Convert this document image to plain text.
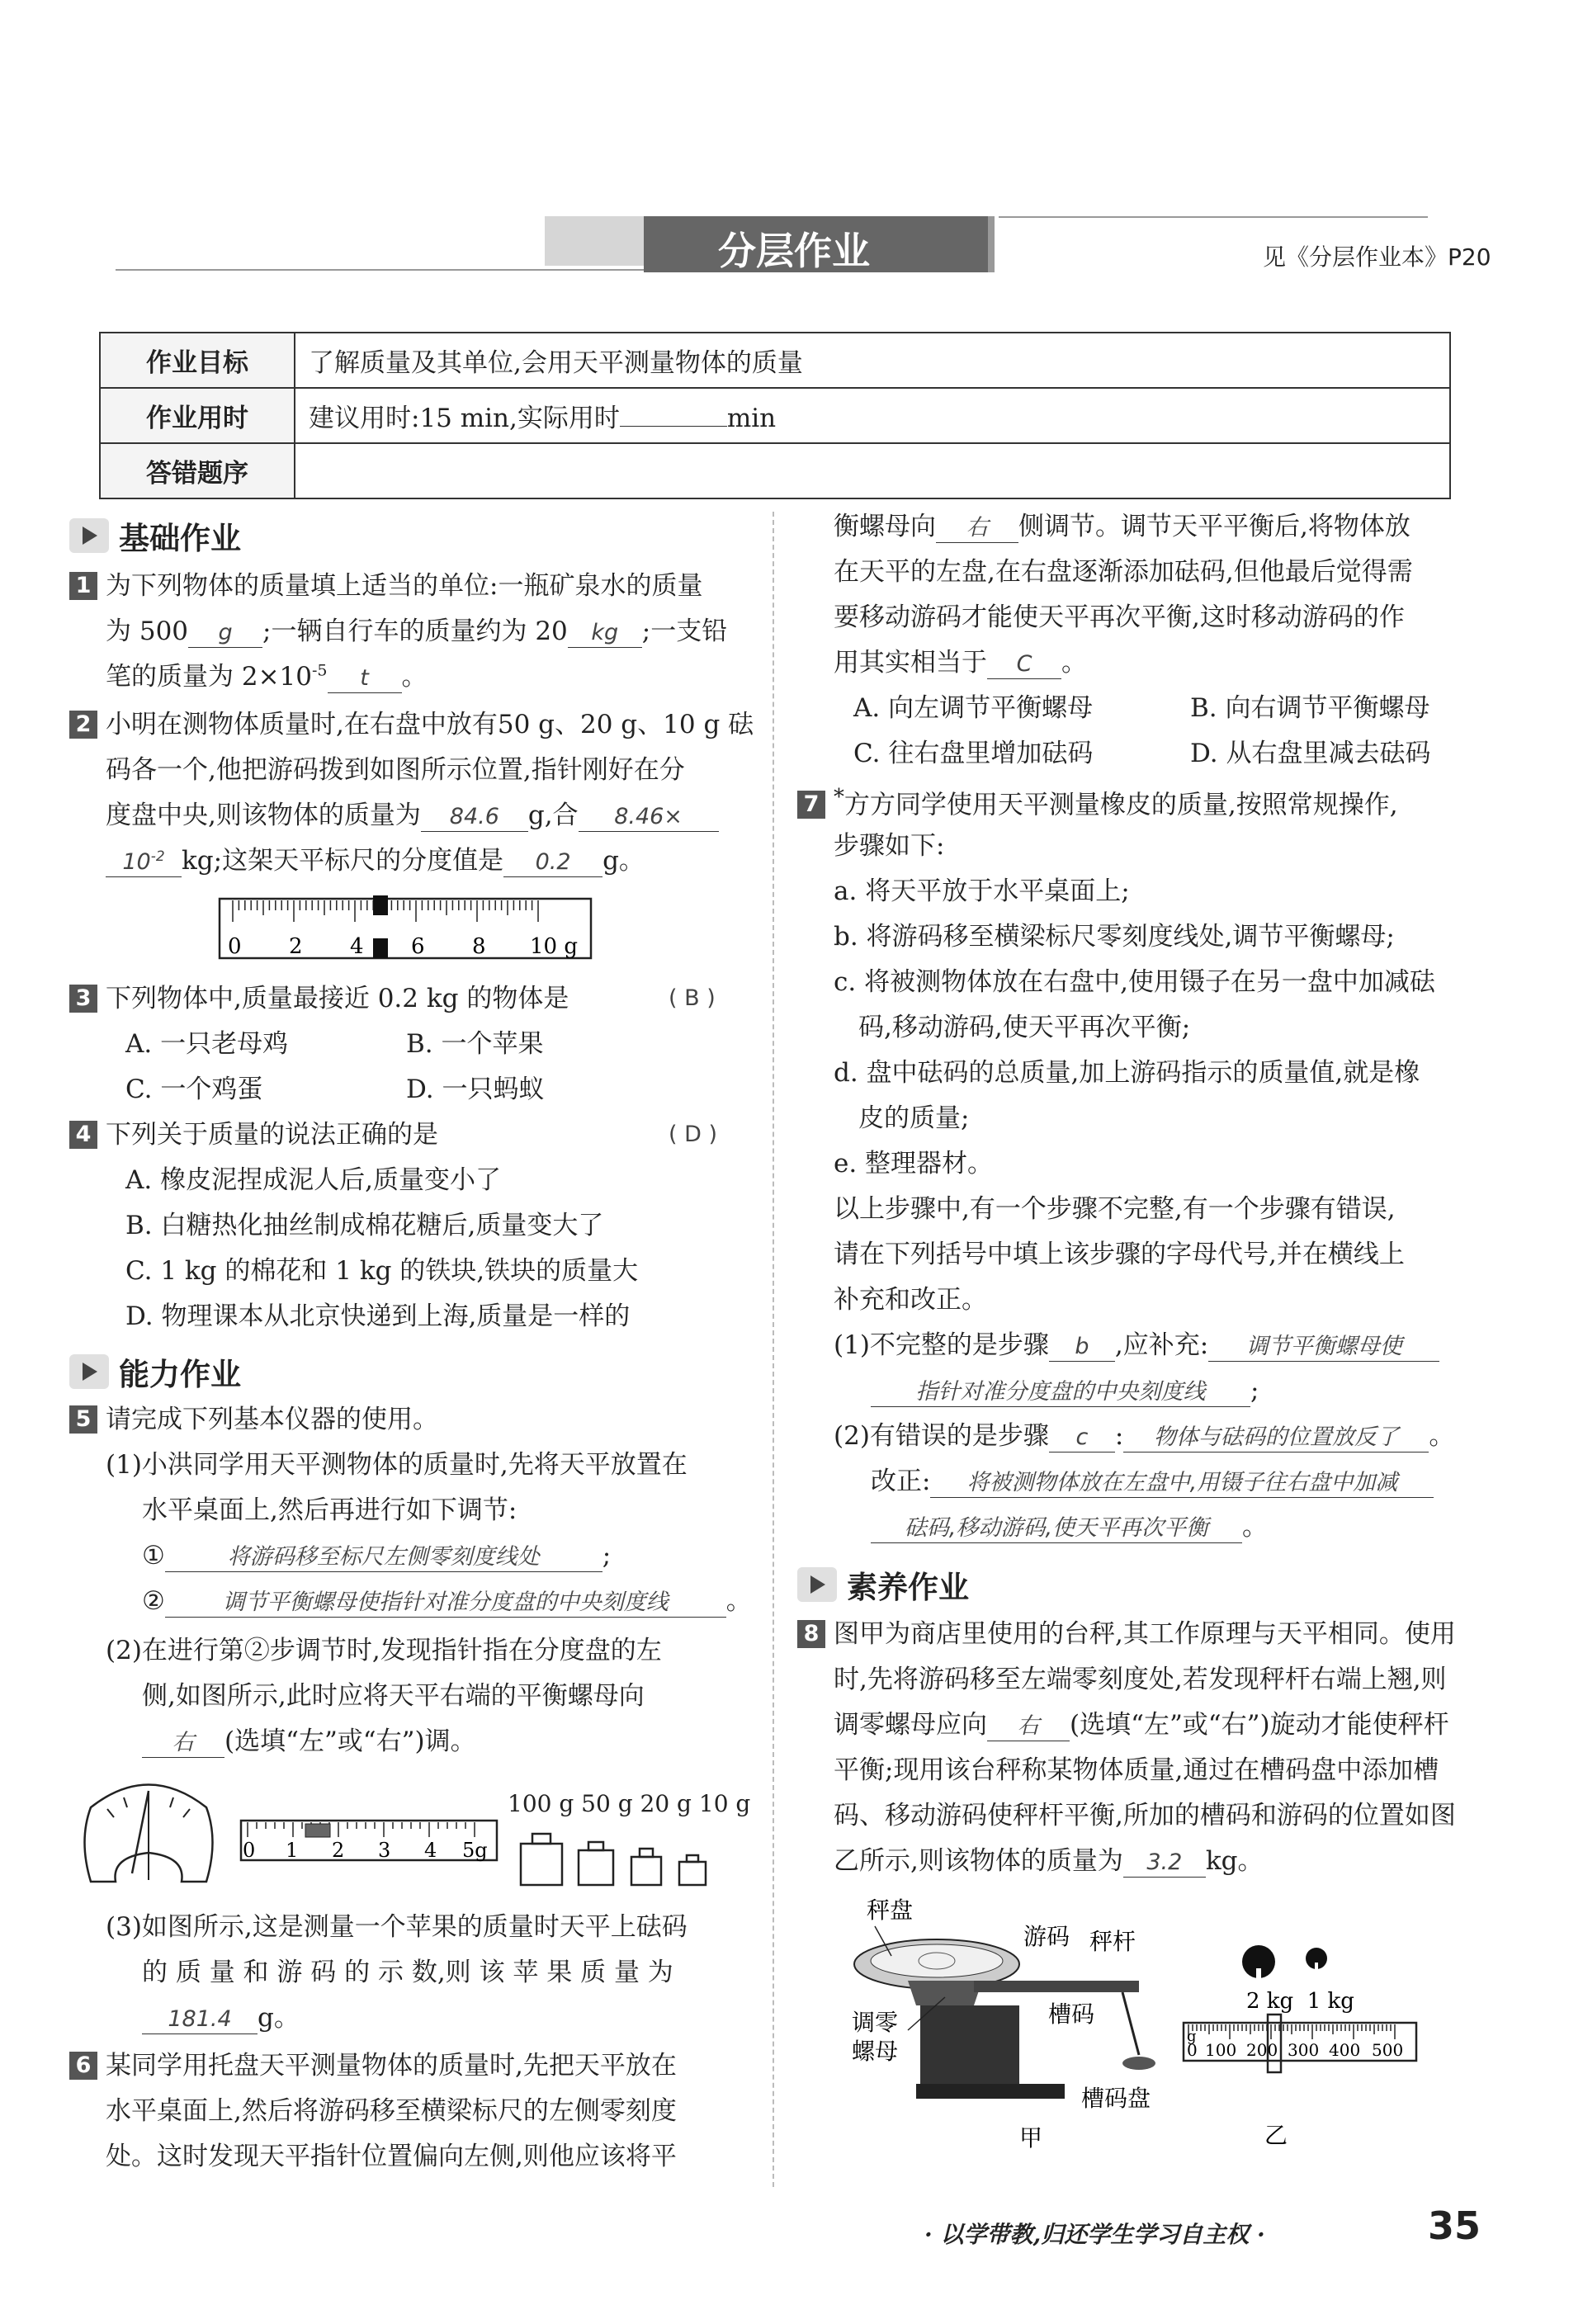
分层作业	见《分层作业本》P20
作业目标	了解质量及其单位,会用天平测量物体的质量
作业用时	建议用时:15 min,实际用时 min
答错题序	
基础作业
1 为下列物体的质量填上适当的单位:一瓶矿泉水的质量
为 500 g ;一辆自行车的质量约为 20 kg ;一支铅
笔的质量为 $2\times 10^{-5}$ t 。
2 小明在测物体质量时,在右盘中放有50 g、20 g、10 g 砝
码各一个,他把游码拨到如图所示位置,指针刚好在分
度盘中央,则该物体的质量为 84.6 g,合 8.46×
$10^{-2}$ kg;这架天平标尺的分度值是 0.2 g。
0 2 4 6 8 10 g
3 下列物体中,质量最接近 0.2 kg 的物体是	( B )
A. 一只老母鸡	B. 一个苹果
C. 一个鸡蛋	D. 一只蚂蚁
4 下列关于质量的说法正确的是	( D )
A. 橡皮泥捏成泥人后,质量变小了
B. 白糖热化抽丝制成棉花糖后,质量变大了
C. 1 kg 的棉花和 1 kg 的铁块,铁块的质量大
D. 物理课本从北京快递到上海,质量是一样的
能力作业
5 请完成下列基本仪器的使用。
(1)小洪同学用天平测物体的质量时,先将天平放置在
水平桌面上,然后再进行如下调节:
①	将游码移至标尺左侧零刻度线处 ;
②	调节平衡螺母使指针对准分度盘的中央刻度线 。
(2)在进行第②步调节时,发现指针指在分度盘的左
侧,如图所示,此时应将天平右端的平衡螺母向
右 (选填“左”或“右”)调。
0 1 2 3 4 5g
100 g 50 g 20 g 10 g
(3)如图所示,这是测量一个苹果的质量时天平上砝码
的 质 量 和 游 码 的 示 数,则 该 苹 果 质 量 为
181.4 g。
6 某同学用托盘天平测量物体的质量时,先把天平放在
水平桌面上,然后将游码移至横梁标尺的左侧零刻度
处。这时发现天平指针位置偏向左侧,则他应该将平
衡螺母向 右 侧调节。调节天平平衡后,将物体放
在天平的左盘,在右盘逐渐添加砝码,但他最后觉得需
要移动游码才能使天平再次平衡,这时移动游码的作
用其实相当于 C 。
A. 向左调节平衡螺母	B. 向右调节平衡螺母
C. 往右盘里增加砝码	D. 从右盘里减去砝码
7 *方方同学使用天平测量橡皮的质量,按照常规操作,
步骤如下:
a. 将天平放于水平桌面上;
b. 将游码移至横梁标尺零刻度线处,调节平衡螺母;
c. 将被测物体放在右盘中,使用镊子在另一盘中加减砝
码,移动游码,使天平再次平衡;
d. 盘中砝码的总质量,加上游码指示的质量值,就是橡
皮的质量;
e. 整理器材。
以上步骤中,有一个步骤不完整,有一个步骤有错误,
请在下列括号中填上该步骤的字母代号,并在横线上
补充和改正。
(1)不完整的是步骤 b ,应补充: 调节平衡螺母使
指针对准分度盘的中央刻度线 ;
(2)有错误的是步骤 c : 物体与砝码的位置放反了 。
改正: 将被测物体放在左盘中,用镊子往右盘中加减
砝码,移动游码,使天平再次平衡 。
素养作业
8 图甲为商店里使用的台秤,其工作原理与天平相同。使用
时,先将游码移至左端零刻度处,若发现秤杆右端上翘,则
调零螺母应向 右 (选填“左”或“右”)旋动才能使秤杆
平衡;现用该台秤称某物体质量,通过在槽码盘中添加槽
码、移动游码使秤杆平衡,所加的槽码和游码的位置如图
乙所示,则该物体的质量为 3.2 kg。
秤盘
游码 秤杆
槽码
调零
螺母
槽码盘
甲
2 kg  1 kg
g
0 100 200 300 400 500
乙
· 以学带教,归还学生学习自主权 ·	35
